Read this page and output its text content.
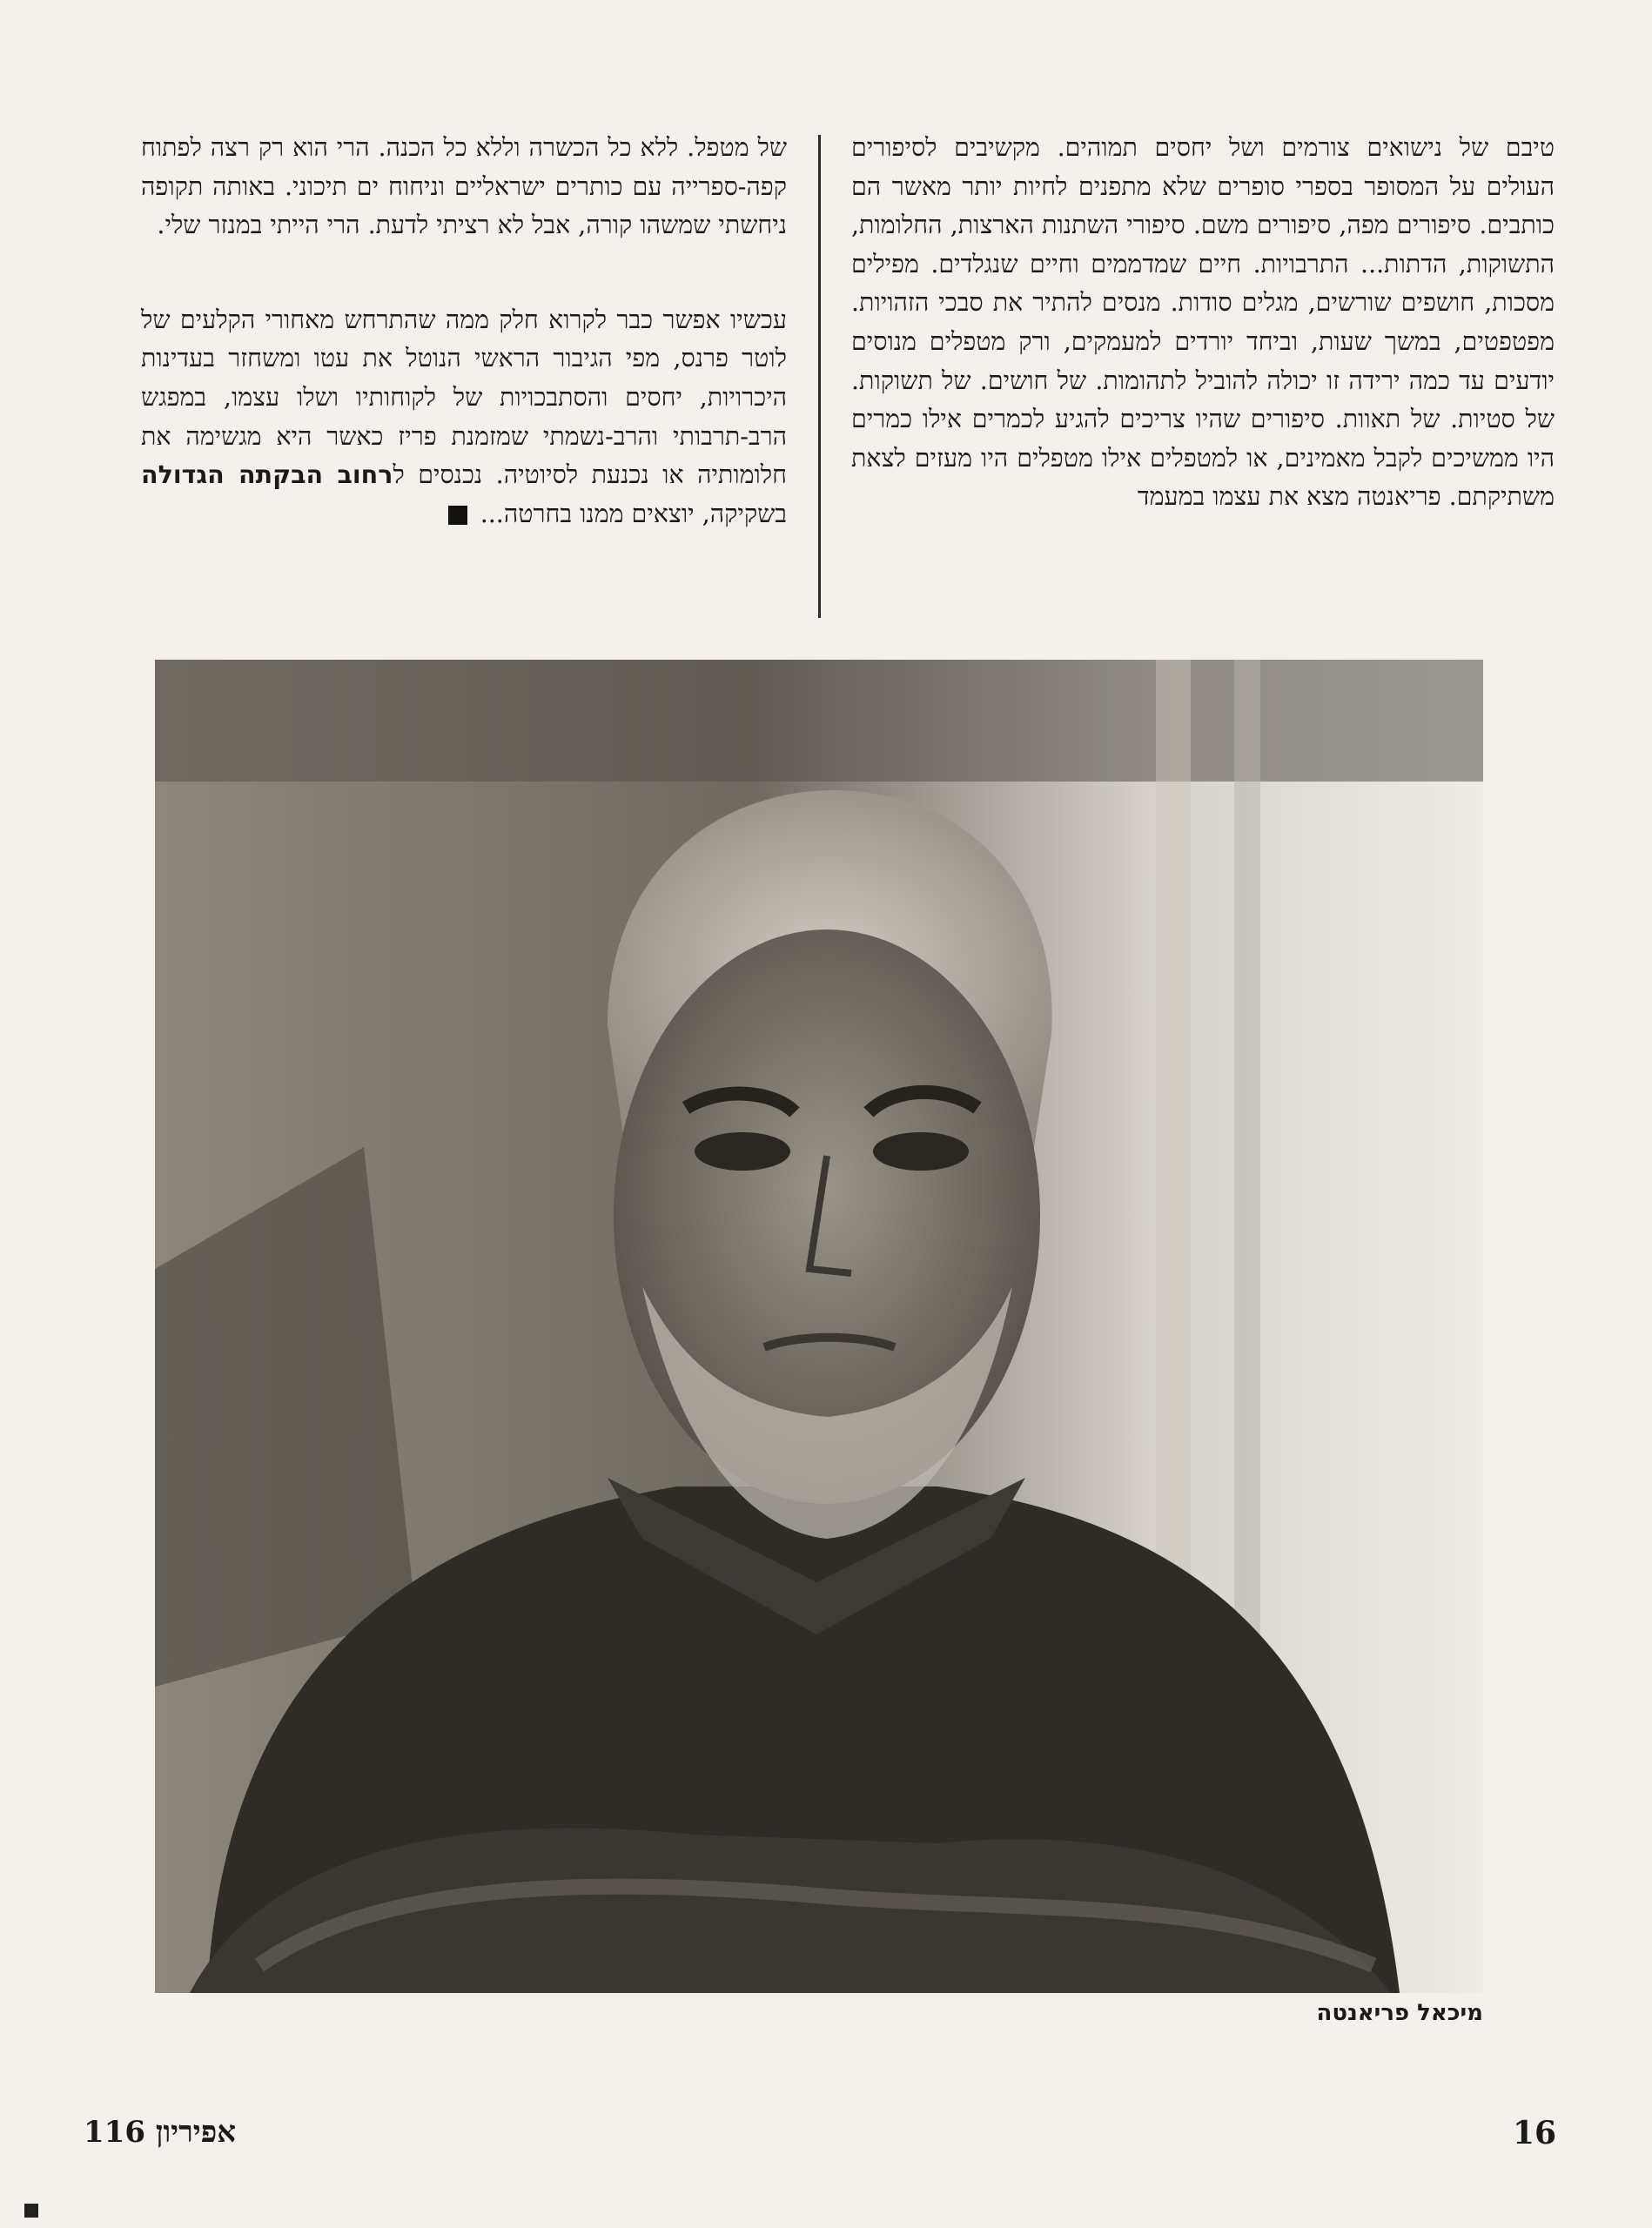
טיבם של נישואים צורמים ושל יחסים תמוהים. מקשיבים לסיפורים העולים על המסופר בספרי סופרים שלא מתפנים לחיות יותר מאשר הם כותבים. סיפורים מפה, סיפורים משם. סיפורי השתנות הארצות, החלומות, התשוקות, הדתות... התרבויות. חיים שמדממים וחיים שנגלדים. מפילים מסכות, חושפים שורשים, מגלים סודות. מנסים להתיר את סבכי הזהויות. מפטפטים, במשך שעות, וביחד יורדים למעמקים, ורק מטפלים מנוסים יודעים עד כמה ירידה זו יכולה להוביל לתהומות. של חושים. של תשוקות. של סטיות. של תאוות. סיפורים שהיו צריכים להגיע לכמרים אילו כמרים היו ממשיכים לקבל מאמינים, או למטפלים אילו מטפלים היו מעזים לצאת משתיקתם. פריאנטה מצא את עצמו במעמד

של מטפל. ללא כל הכשרה וללא כל הכנה. הרי הוא רק רצה לפתוח קפה-ספרייה עם כותרים ישראליים וניחוח ים תיכוני. באותה תקופה ניחשתי שמשהו קורה, אבל לא רציתי לדעת. הרי הייתי במנזר שלי.

עכשיו אפשר כבר לקרוא חלק ממה שהתרחש מאחורי הקלעים של לוטר פרנס, מפי הגיבור הראשי הנוטל את עטו ומשחזר בעדינות היכרויות, יחסים והסתבכויות של לקוחותיו ושלו עצמו, במפגש הרב-תרבותי והרב-נשמתי שמזמנת פריז כאשר היא מגשימה את חלומותיה או נכנעת לסיוטיה. נכנסים לרחוב הבקתה הגדולה בשקיקה, יוצאים ממנו בחרטה...

מיכאל פריאנטה
אפיריון 116	16
